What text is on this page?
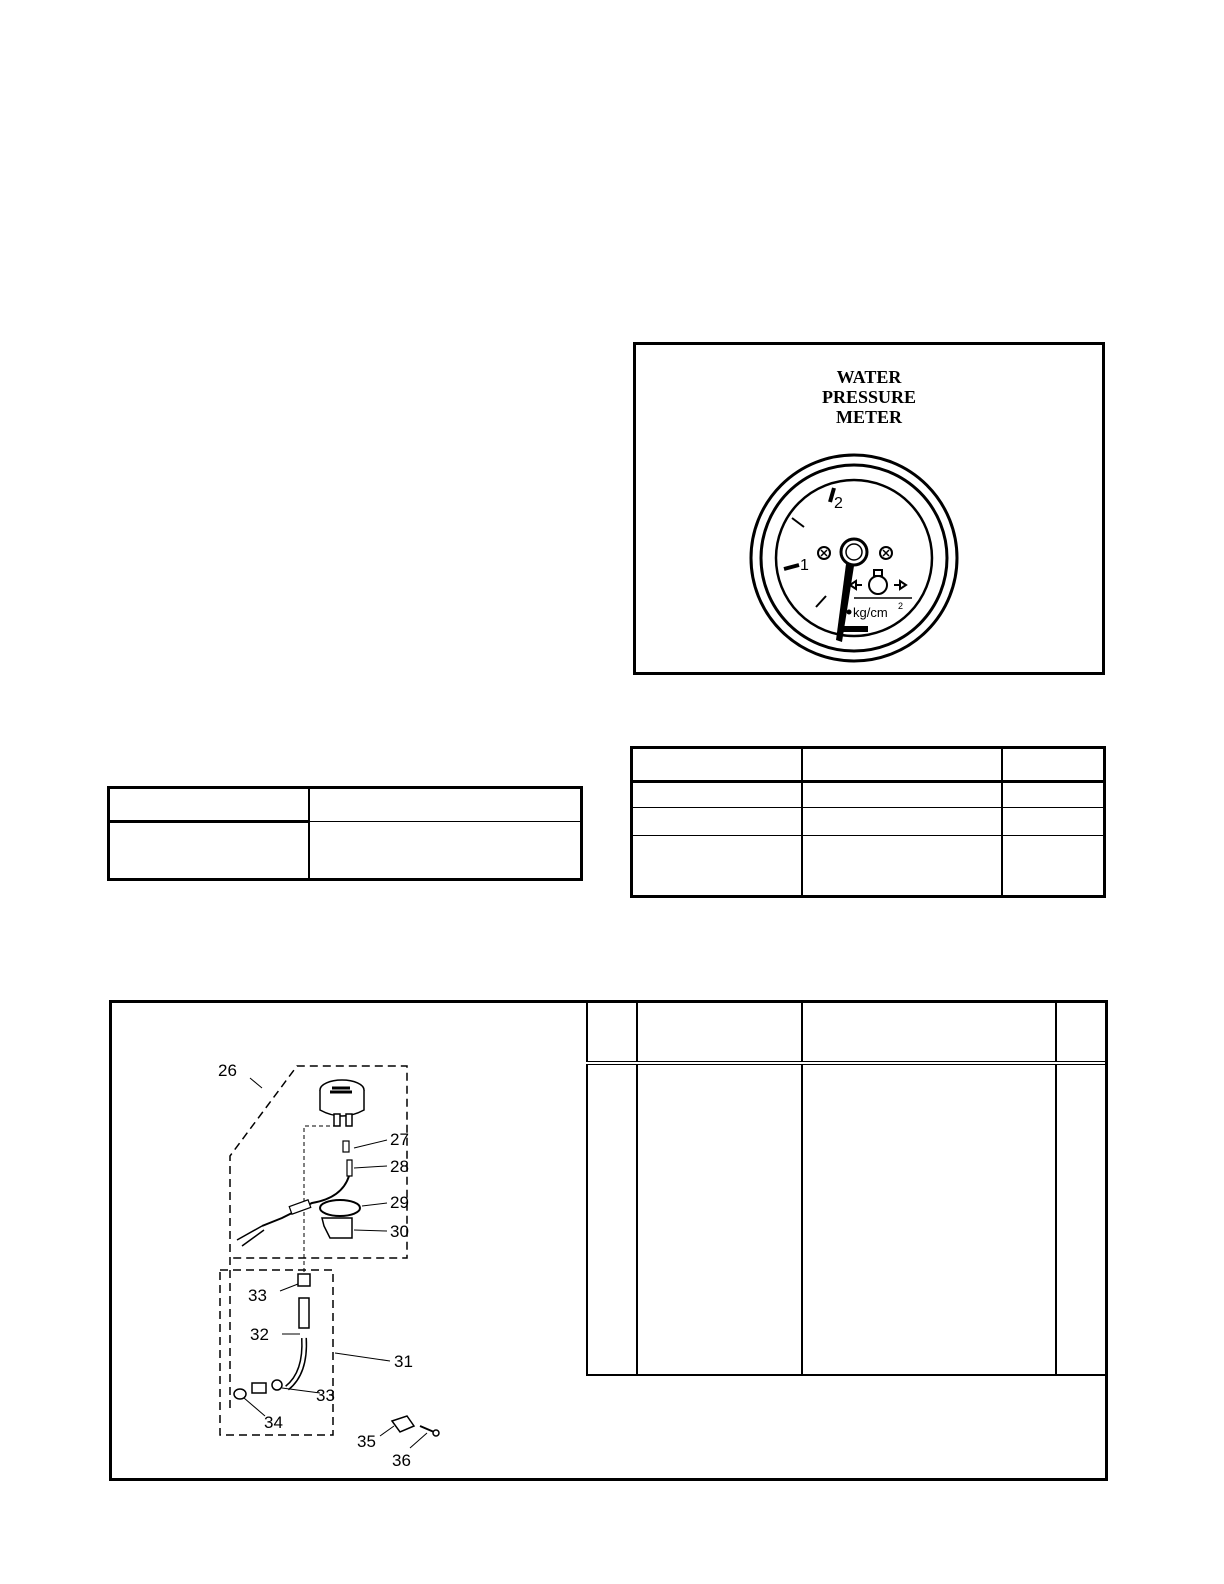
WATER
PRESSURE
METER
2
1
kg/cm 2

26
27
28
29
30
33
32
31
33
34
35
36
